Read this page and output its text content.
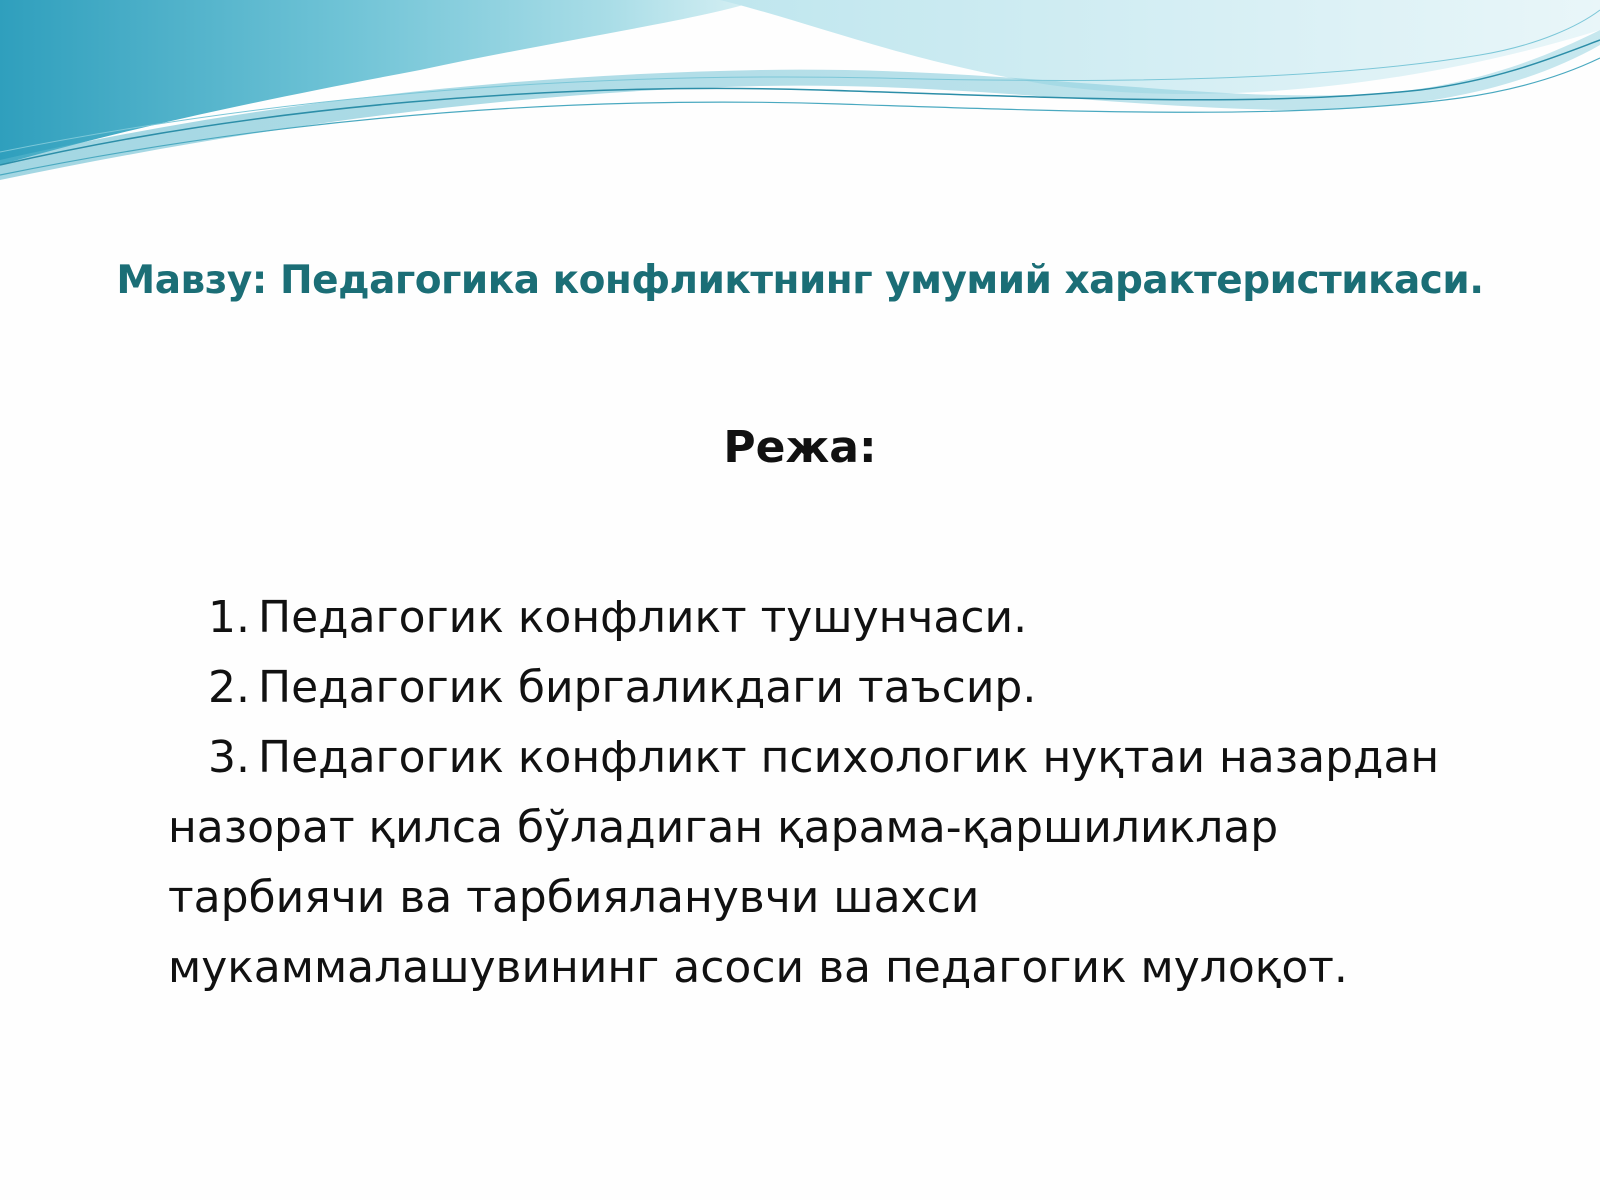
Мавзу: Педагогика конфликтнинг умумий характеристикаси.
Режа:
1. Педагогик конфликт тушунчаси.
2. Педагогик биргаликдаги таъсир.
3. Педагогик конфликт психологик нуқтаи назардан назорат қилса бўладиган қарама-қаршиликлар тарбиячи ва тарбияланувчи шахси мукаммалашувининг асоси ва педагогик мулоқот.
